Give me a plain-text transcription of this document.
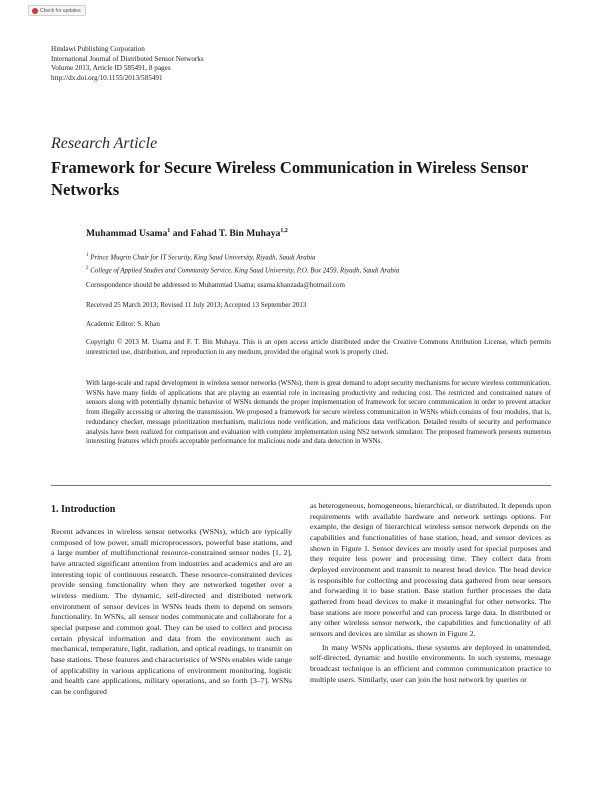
Check for updates
Hindawi Publishing Corporation
International Journal of Distributed Sensor Networks
Volume 2013, Article ID 585491, 8 pages
http://dx.doi.org/10.1155/2013/585491
Research Article
Framework for Secure Wireless Communication in Wireless Sensor Networks
Muhammad Usama$^1$ and Fahad T. Bin Muhaya$^{1,2}$
$^1$ Prince Muqrin Chair for IT Security, King Saud University, Riyadh, Saudi Arabia
$^2$ College of Applied Studies and Community Service, King Saud University, P.O. Box 2459, Riyadh, Saudi Arabia
Correspondence should be addressed to Muhammad Usama; usama.khanzada@hotmail.com
Received 25 March 2013; Revised 11 July 2013; Accepted 13 September 2013
Academic Editor: S. Khan
Copyright © 2013 M. Usama and F. T. Bin Muhaya. This is an open access article distributed under the Creative Commons Attribution License, which permits unrestricted use, distribution, and reproduction in any medium, provided the original work is properly cited.
With large-scale and rapid development in wireless sensor networks (WSNs), there is great demand to adopt security mechanisms for secure wireless communication. WSNs have many fields of applications that are playing an essential role in increasing productivity and reducing cost. The restricted and constrained nature of sensors along with potentially dynamic behavior of WSNs demands the proper implementation of framework for secure communication in order to prevent attacker from illegally accessing or altering the transmission. We proposed a framework for secure wireless communication in WSNs which consists of four modules, that is, redundancy checker, message prioritization mechanism, malicious node verification, and malicious data verification. Detailed results of security and performance analysis have been realized for comparison and evaluation with complete implementation using NS2 network simulator. The proposed framework presents numerous interesting features which proofs acceptable performance for malicious node and data detection in WSNs.
1. Introduction

Recent advances in wireless sensor networks (WSNs), which are typically composed of low power, small microprocessors, powerful base stations, and a large number of multifunctional resource-constrained sensor nodes [1, 2], have attracted significant attention from industries and academics and are an interesting topic of continuous research. These resource-constrained devices provide sensing functionality when they are networked together over a wireless medium. The dynamic, self-directed and distributed network environment of sensor devices in WSNs leads them to depend on sensors functionality. In WSNs, all sensor nodes communicate and collaborate for a special purpose and common goal. They can be used to collect and process certain physical information and data from the environment such as mechanical, temperature, light, radiation, and optical readings, to transmit on base stations. These features and characteristics of WSNs enables wide range of applicability in various applications of environment monitoring, logistic and health care applications, military operations, and so forth [3–7]. WSNs can be configured

as heterogeneous, homogeneous, hierarchical, or distributed. It depends upon requirements with available hardware and network settings options. For example, the design of hierarchical wireless sensor network depends on the capabilities and functionalities of base station, head, and sensor devices as shown in Figure 1. Sensor devices are mostly used for special purposes and they require less power and processing time. They collect data from deployed environment and transmit to nearest head device. The head device is responsible for collecting and processing data gathered from near sensors and forwarding it to base station. Base station further processes the data gathered from head devices to make it meaningful for other networks. The base stations are more powerful and can process large data. In distributed or any other wireless sensor network, the capabilities and functionality of all sensors and devices are similar as shown in Figure 2.

In many WSNs applications, these systems are deployed in unattended, self-directed, dynamic and hostile environments. In such systems, message broadcast technique is an efficient and common communication practice to multiple users. Similarly, user can join the host network by queries or
